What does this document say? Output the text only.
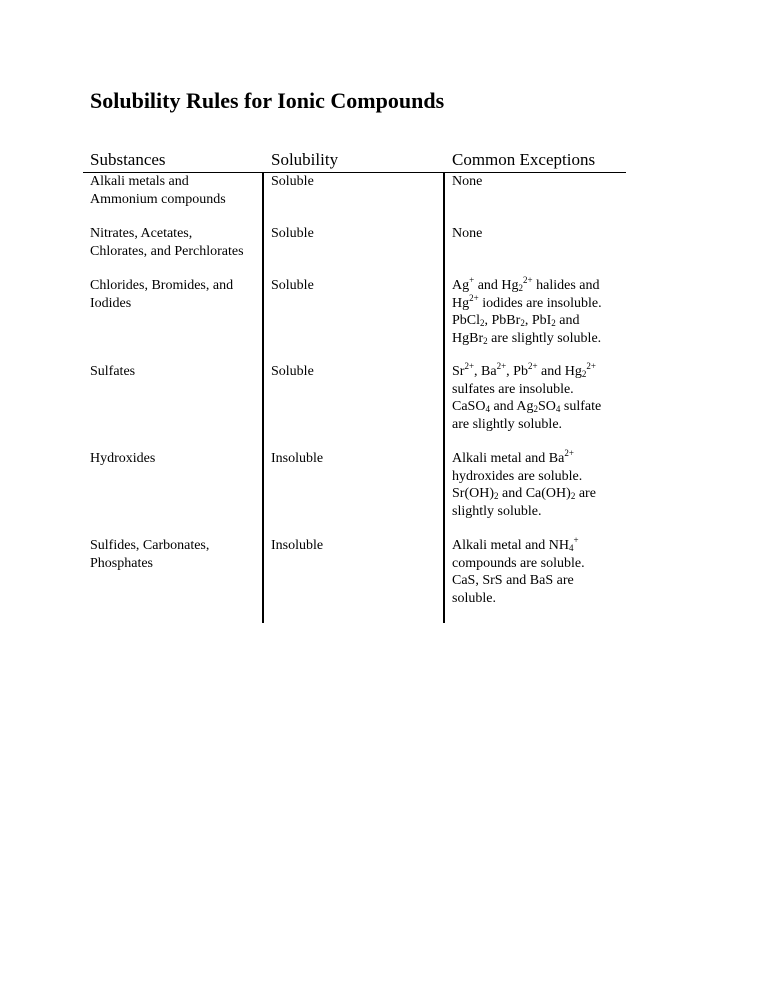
Solubility Rules for Ionic Compounds
Substances	Solubility	Common Exceptions
Alkali metals and
Ammonium compounds
Soluble	None
Nitrates, Acetates,
Chlorates, and Perchlorates
Soluble	None
Chlorides, Bromides, and
Iodides
Soluble	Ag+ and $Hg_2^{2+}$ halides and
$Hg^{2+}$ iodides are insoluble.
PbCl$_2$, PbBr$_2$, PbI$_2$ and
HgBr$_2$ are slightly soluble.
Sulfates	Soluble	$Sr^{2+}$, $Ba^{2+}$, $Pb^{2+}$ and $Hg_2^{2+}$
sulfates are insoluble.
CaSO$_4$ and $Ag_2SO_4$ sulfate
are slightly soluble.
Hydroxides	Insoluble	Alkali metal and $Ba^{2+}$
hydroxides are soluble.
$Sr(OH)_2$ and $Ca(OH)_2$ are
slightly soluble.
Sulfides, Carbonates,
Phosphates
Insoluble	Alkali metal and $NH_4^+$
compounds are soluble.
CaS, SrS and BaS are
soluble.
